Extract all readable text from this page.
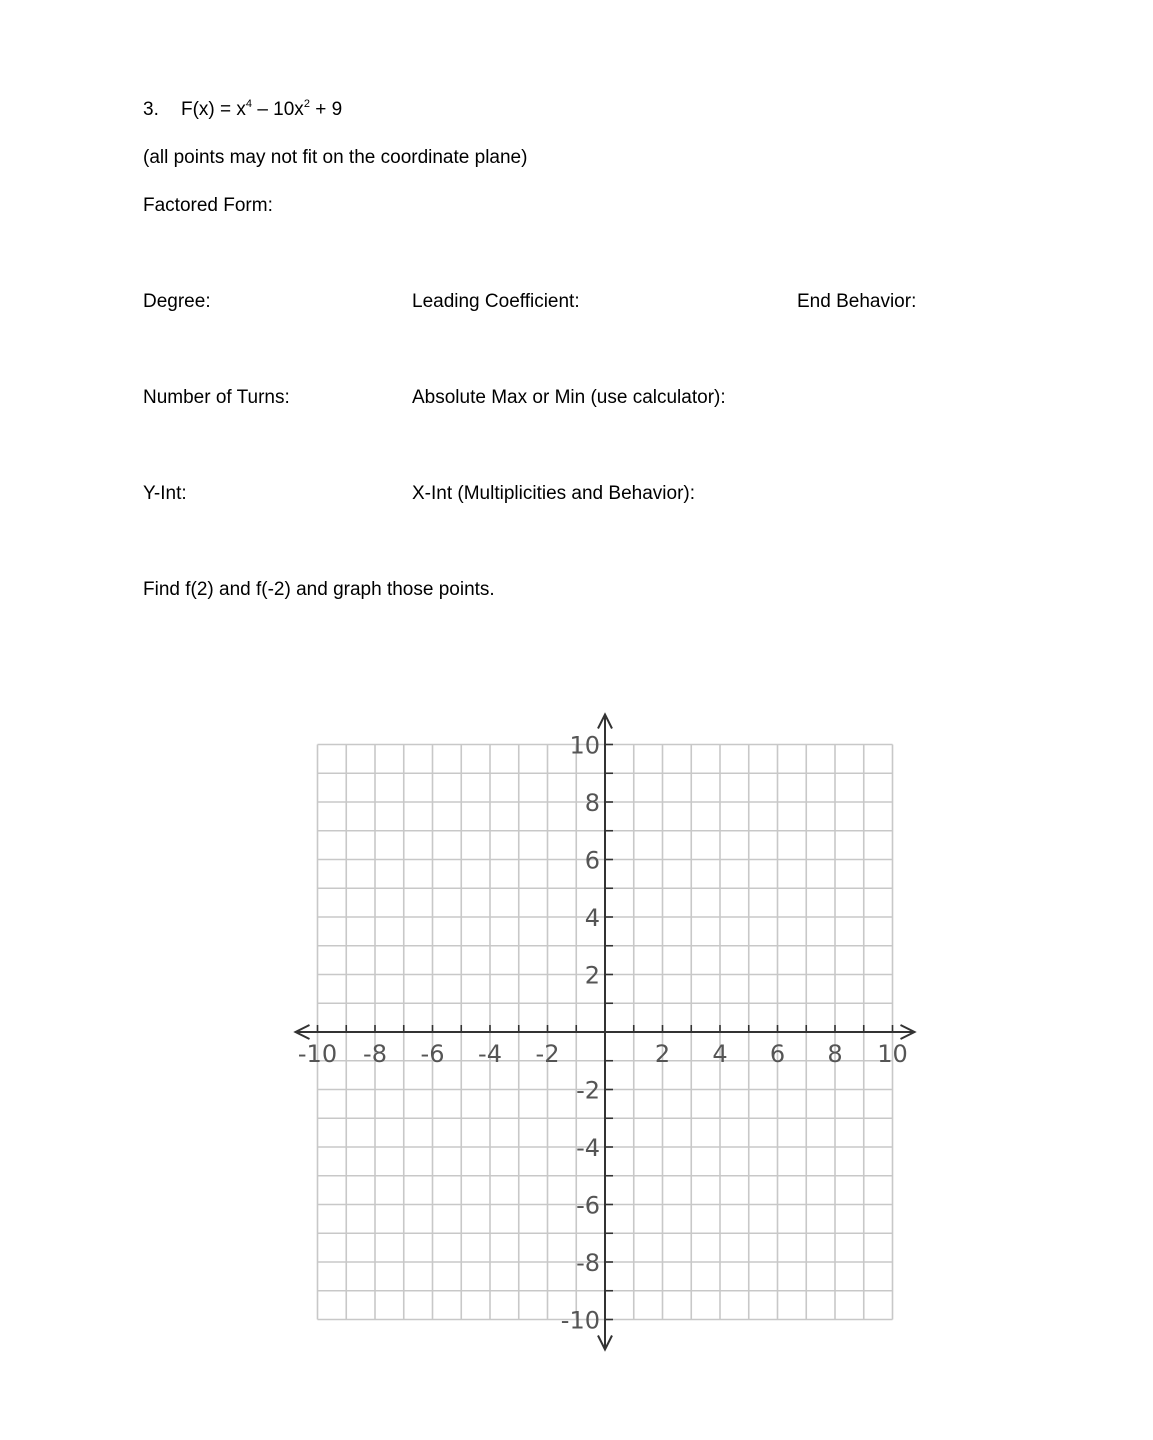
3. $F(x) = x^4 - 10x^2 + 9$
(all points may not fit on the coordinate plane)
Factored Form:
Degree:	Leading Coefficient:	End Behavior:
Number of Turns:	Absolute Max or Min (use calculator):
Y-Int:	X-Int (Multiplicities and Behavior):
Find f(2) and f(-2) and graph those points.
-10 -8 -6 -4 -2	2 4 6 8 10
10
8
6
4
2
-2
-4
-6
-8
-10
